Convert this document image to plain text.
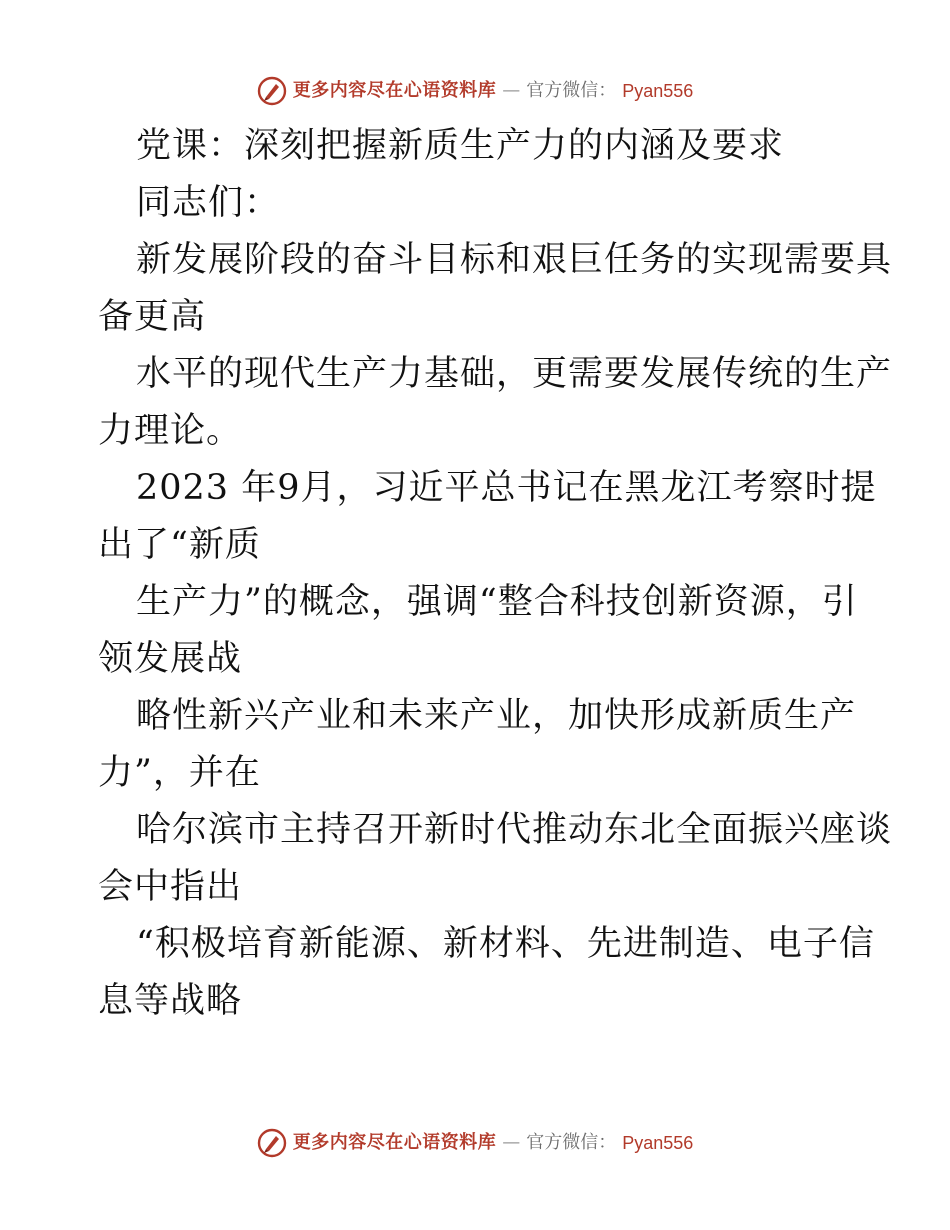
更多内容尽在心语资料库 — 官方微信： Pyan556
党课：深刻把握新质生产力的内涵及要求
同志们：
新发展阶段的奋斗目标和艰巨任务的实现需要具
备更高
水平的现代生产力基础，更需要发展传统的生产
力理论。
2023 年9月，习近平总书记在黑龙江考察时提
出了“新质
生产力”的概念，强调“整合科技创新资源，引
领发展战
略性新兴产业和未来产业，加快形成新质生产
力”，并在
哈尔滨市主持召开新时代推动东北全面振兴座谈
会中指出
“积极培育新能源、新材料、先进制造、电子信
息等战略
更多内容尽在心语资料库 — 官方微信： Pyan556
